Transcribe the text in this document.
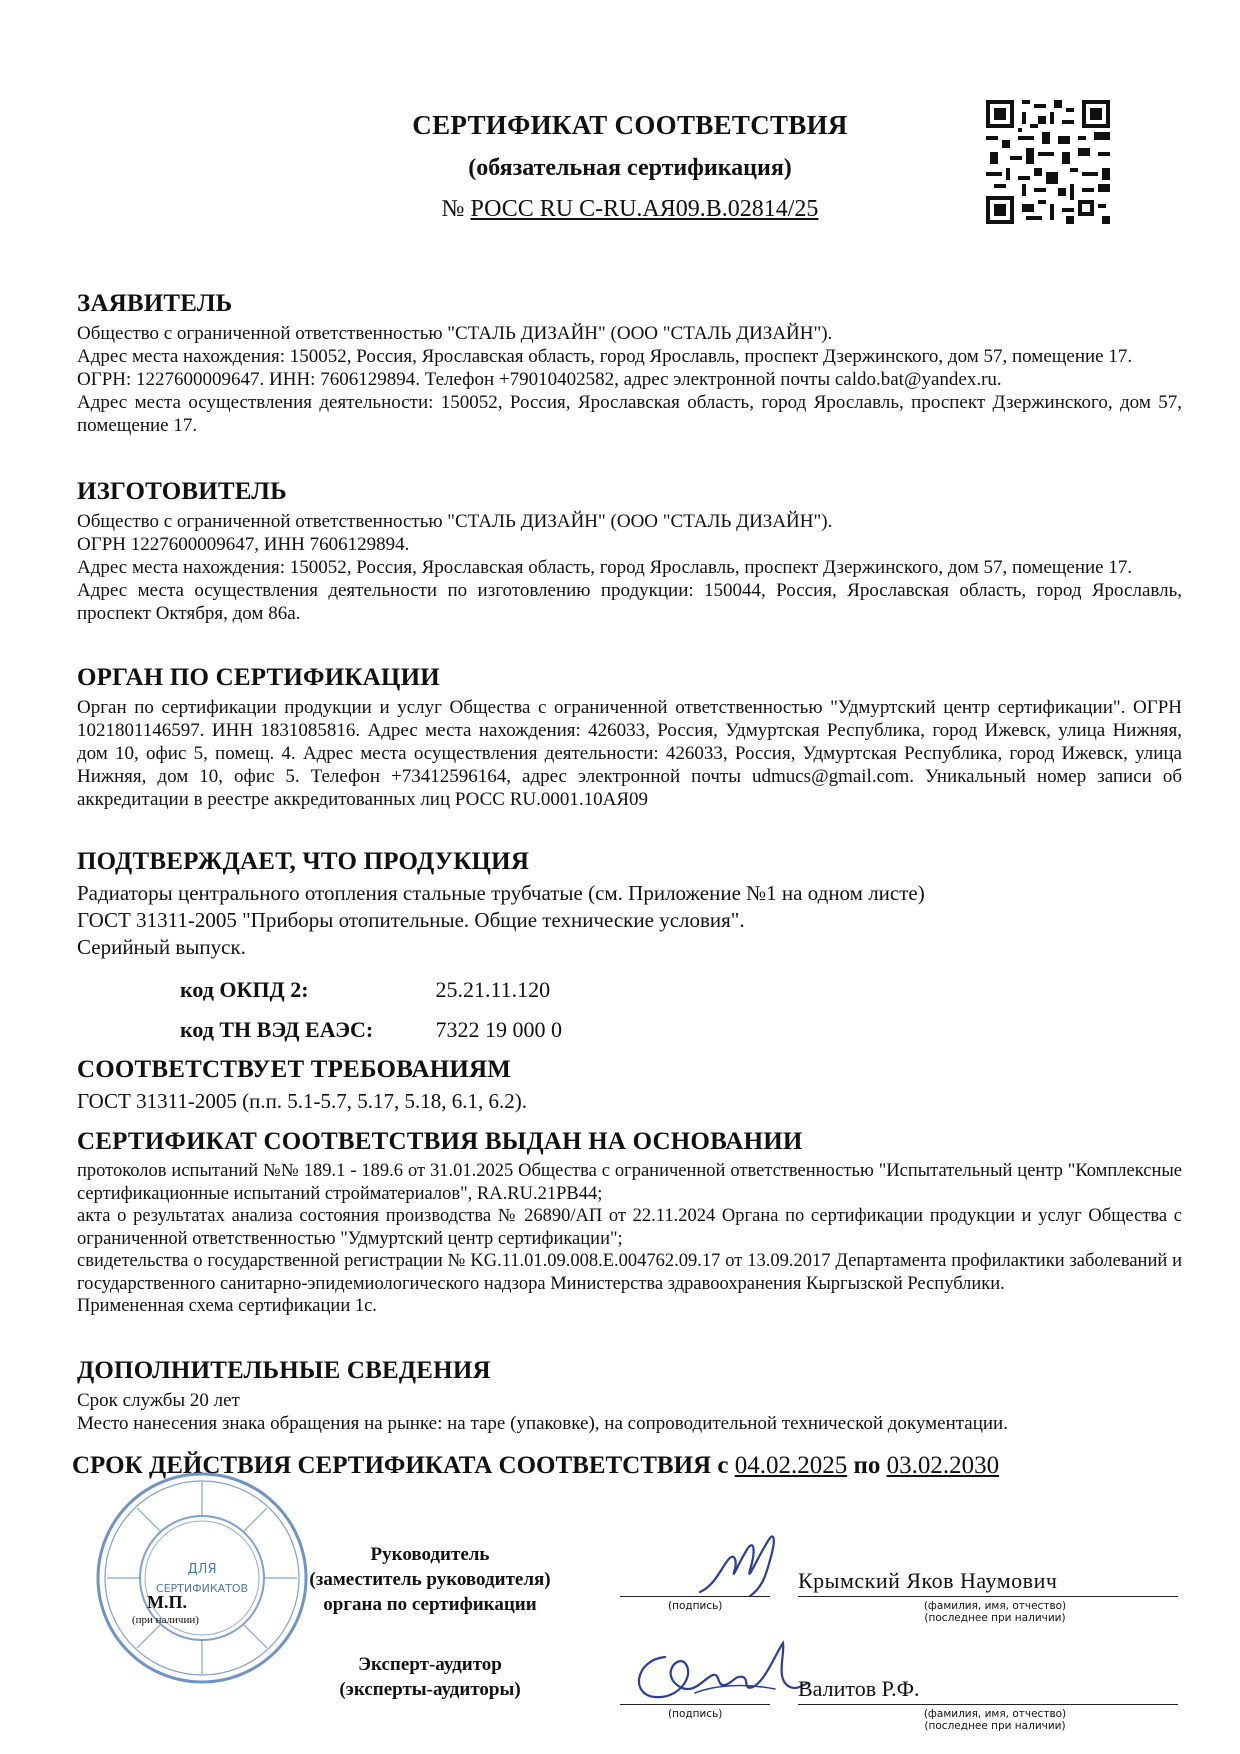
СЕРТИФИКАТ СООТВЕТСТВИЯ
(обязательная сертификация)
№ РОСС RU С-RU.АЯ09.В.02814/25
ЗАЯВИТЕЛЬ

Общество с ограниченной ответственностью "СТАЛЬ ДИЗАЙН" (ООО "СТАЛЬ ДИЗАЙН").

Адрес места нахождения: 150052, Россия, Ярославская область, город Ярославль, проспект Дзержинского, дом 57, помещение 17.

ОГРН: 1227600009647. ИНН: 7606129894. Телефон +79010402582, адрес электронной почты caldo.bat@yandex.ru.

Адрес места осуществления деятельности: 150052, Россия, Ярославская область, город Ярославль, проспект Дзержинского, дом 57, помещение 17.

ИЗГОТОВИТЕЛЬ

Общество с ограниченной ответственностью "СТАЛЬ ДИЗАЙН" (ООО "СТАЛЬ ДИЗАЙН").

ОГРН 1227600009647, ИНН 7606129894.

Адрес места нахождения: 150052, Россия, Ярославская область, город Ярославль, проспект Дзержинского, дом 57, помещение 17.

Адрес места осуществления деятельности по изготовлению продукции: 150044, Россия, Ярославская область, город Ярославль, проспект Октября, дом 86а.

ОРГАН ПО СЕРТИФИКАЦИИ

Орган по сертификации продукции и услуг Общества с ограниченной ответственностью "Удмуртский центр сертификации". ОГРН 1021801146597. ИНН 1831085816. Адрес места нахождения: 426033, Россия, Удмуртская Республика, город Ижевск, улица Нижняя, дом 10, офис 5, помещ. 4. Адрес места осуществления деятельности: 426033, Россия, Удмуртская Республика, город Ижевск, улица Нижняя, дом 10, офис 5. Телефон +73412596164, адрес электронной почты udmucs@gmail.com. Уникальный номер записи об аккредитации в реестре аккредитованных лиц РОСС RU.0001.10АЯ09

ПОДТВЕРЖДАЕТ, ЧТО ПРОДУКЦИЯ

Радиаторы центрального отопления стальные трубчатые (см. Приложение №1 на одном листе)

ГОСТ 31311-2005 "Приборы отопительные. Общие технические условия".

Серийный выпуск.

код ОКПД 2:	25.21.11.120
код ТН ВЭД ЕАЭС:	7322 19 000 0
СООТВЕТСТВУЕТ ТРЕБОВАНИЯМ

ГОСТ 31311-2005 (п.п. 5.1-5.7, 5.17, 5.18, 6.1, 6.2).

СЕРТИФИКАТ СООТВЕТСТВИЯ ВЫДАН НА ОСНОВАНИИ

протоколов испытаний №№ 189.1 - 189.6 от 31.01.2025 Общества с ограниченной ответственностью "Испытательный центр "Комплексные сертификационные испытаний стройматериалов", RA.RU.21РВ44;

акта о результатах анализа состояния производства № 26890/АП от 22.11.2024 Органа по сертификации продукции и услуг Общества с ограниченной ответственностью "Удмуртский центр сертификации";

свидетельства о государственной регистрации № KG.11.01.09.008.Е.004762.09.17 от 13.09.2017 Департамента профилактики заболеваний и государственного санитарно-эпидемиологического надзора Министерства здравоохранения Кыргызской Республики.

Примененная схема сертификации 1с.

ДОПОЛНИТЕЛЬНЫЕ СВЕДЕНИЯ

Срок службы 20 лет

Место нанесения знака обращения на рынке: на таре (упаковке), на сопроводительной технической документации.

СРОК ДЕЙСТВИЯ СЕРТИФИКАТА СООТВЕТСТВИЯ с 04.02.2025 по 03.02.2030
ДЛЯ
СЕРТИФИКАТОВ
М.П.
(при наличии)
Руководитель
(заместитель руководителя)
органа по сертификации
Эксперт-аудитор
(эксперты-аудиторы)
(подпись)
Крымский Яков Наумович
(фамилия, имя, отчество)
(последнее при наличии)
(подпись)
Валитов Р.Ф.
(фамилия, имя, отчество)
(последнее при наличии)
